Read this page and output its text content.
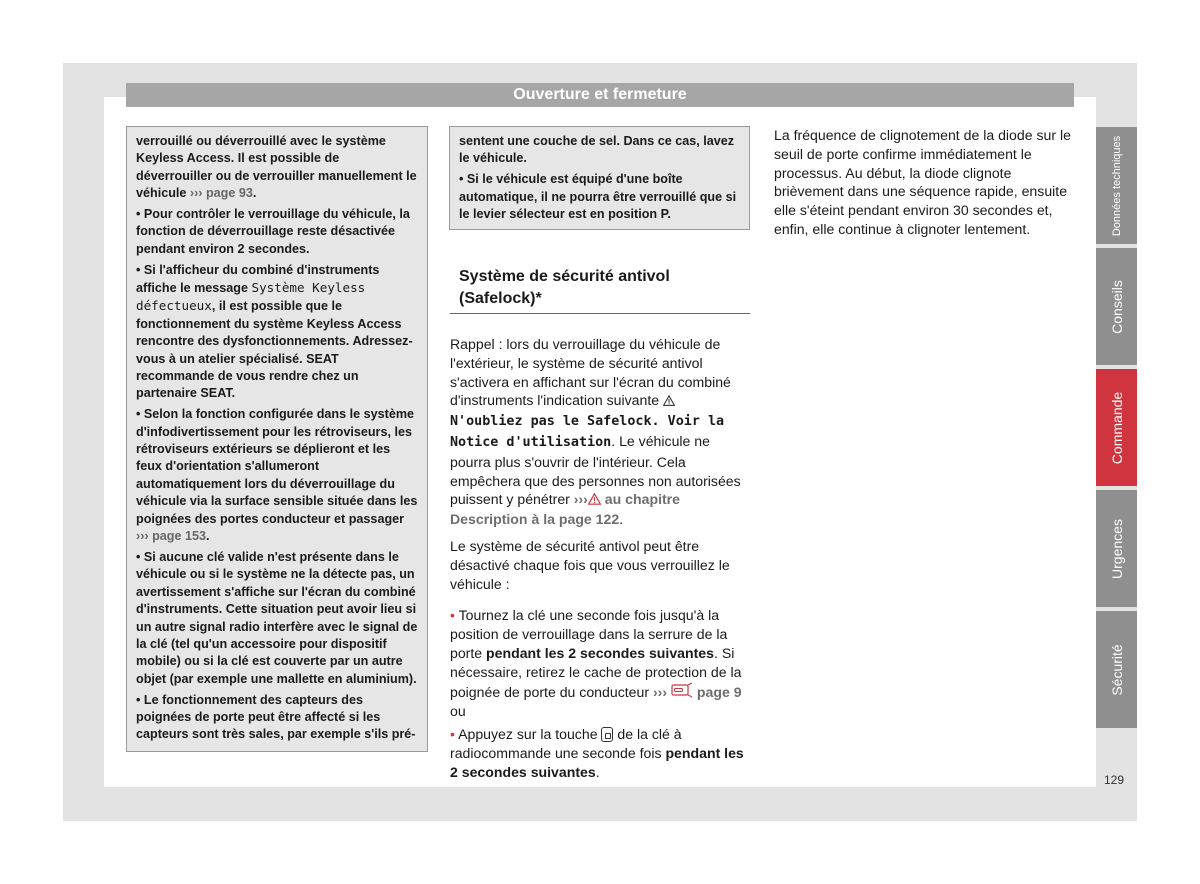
Ouverture et fermeture

verrouillé ou déverrouillé avec le système Keyless Access. Il est possible de déverrouiller ou de verrouiller manuellement le véhicule ››› page 93.

• Pour contrôler le verrouillage du véhicule, la fonction de déverrouillage reste désactivée pendant environ 2 secondes.

• Si l'afficheur du combiné d'instruments affiche le message Système Keyless défectueux, il est possible que le fonctionnement du système Keyless Access rencontre des dysfonctionnements. Adressez-vous à un atelier spécialisé. SEAT recommande de vous rendre chez un partenaire SEAT.

• Selon la fonction configurée dans le système d'infodivertissement pour les rétroviseurs, les rétroviseurs extérieurs se déplieront et les feux d'orientation s'allumeront automatiquement lors du déverrouillage du véhicule via la surface sensible située dans les poignées des portes conducteur et passager ››› page 153.

• Si aucune clé valide n'est présente dans le véhicule ou si le système ne la détecte pas, un avertissement s'affiche sur l'écran du combiné d'instruments. Cette situation peut avoir lieu si un autre signal radio interfère avec le signal de la clé (tel qu'un accessoire pour dispositif mobile) ou si la clé est couverte par un autre objet (par exemple une mallette en aluminium).

• Le fonctionnement des capteurs des poignées de porte peut être affecté si les capteurs sont très sales, par exemple s'ils pré-

sentent une couche de sel. Dans ce cas, lavez le véhicule.

• Si le véhicule est équipé d'une boîte automatique, il ne pourra être verrouillé que si le levier sélecteur est en position P.

Système de sécurité antivol (Safelock)*

Rappel : lors du verrouillage du véhicule de l'extérieur, le système de sécurité antivol s'activera en affichant sur l'écran du combiné d'instruments l'indication suivante
N'oubliez pas le Safelock. Voir la Notice d'utilisation. Le véhicule ne pourra plus s'ouvrir de l'intérieur. Cela empêchera que des personnes non autorisées puissent y pénétrer ››› au chapitre Description à la page 122.

Le système de sécurité antivol peut être désactivé chaque fois que vous verrouillez le véhicule :

• Tournez la clé une seconde fois jusqu'à la position de verrouillage dans la serrure de la porte pendant les 2 secondes suivantes. Si nécessaire, retirez le cache de protection de la poignée de porte du conducteur ›››  page 9 ou

• Appuyez sur la touche  de la clé à radiocommande une seconde fois pendant les 2 secondes suivantes.

La fréquence de clignotement de la diode sur le seuil de porte confirme immédiatement le processus. Au début, la diode clignote brièvement dans une séquence rapide, ensuite elle s'éteint pendant environ 30 secondes et, enfin, elle continue à clignoter lentement.	Données techniques
Conseils
Commande
Urgences
Sécurité
129
